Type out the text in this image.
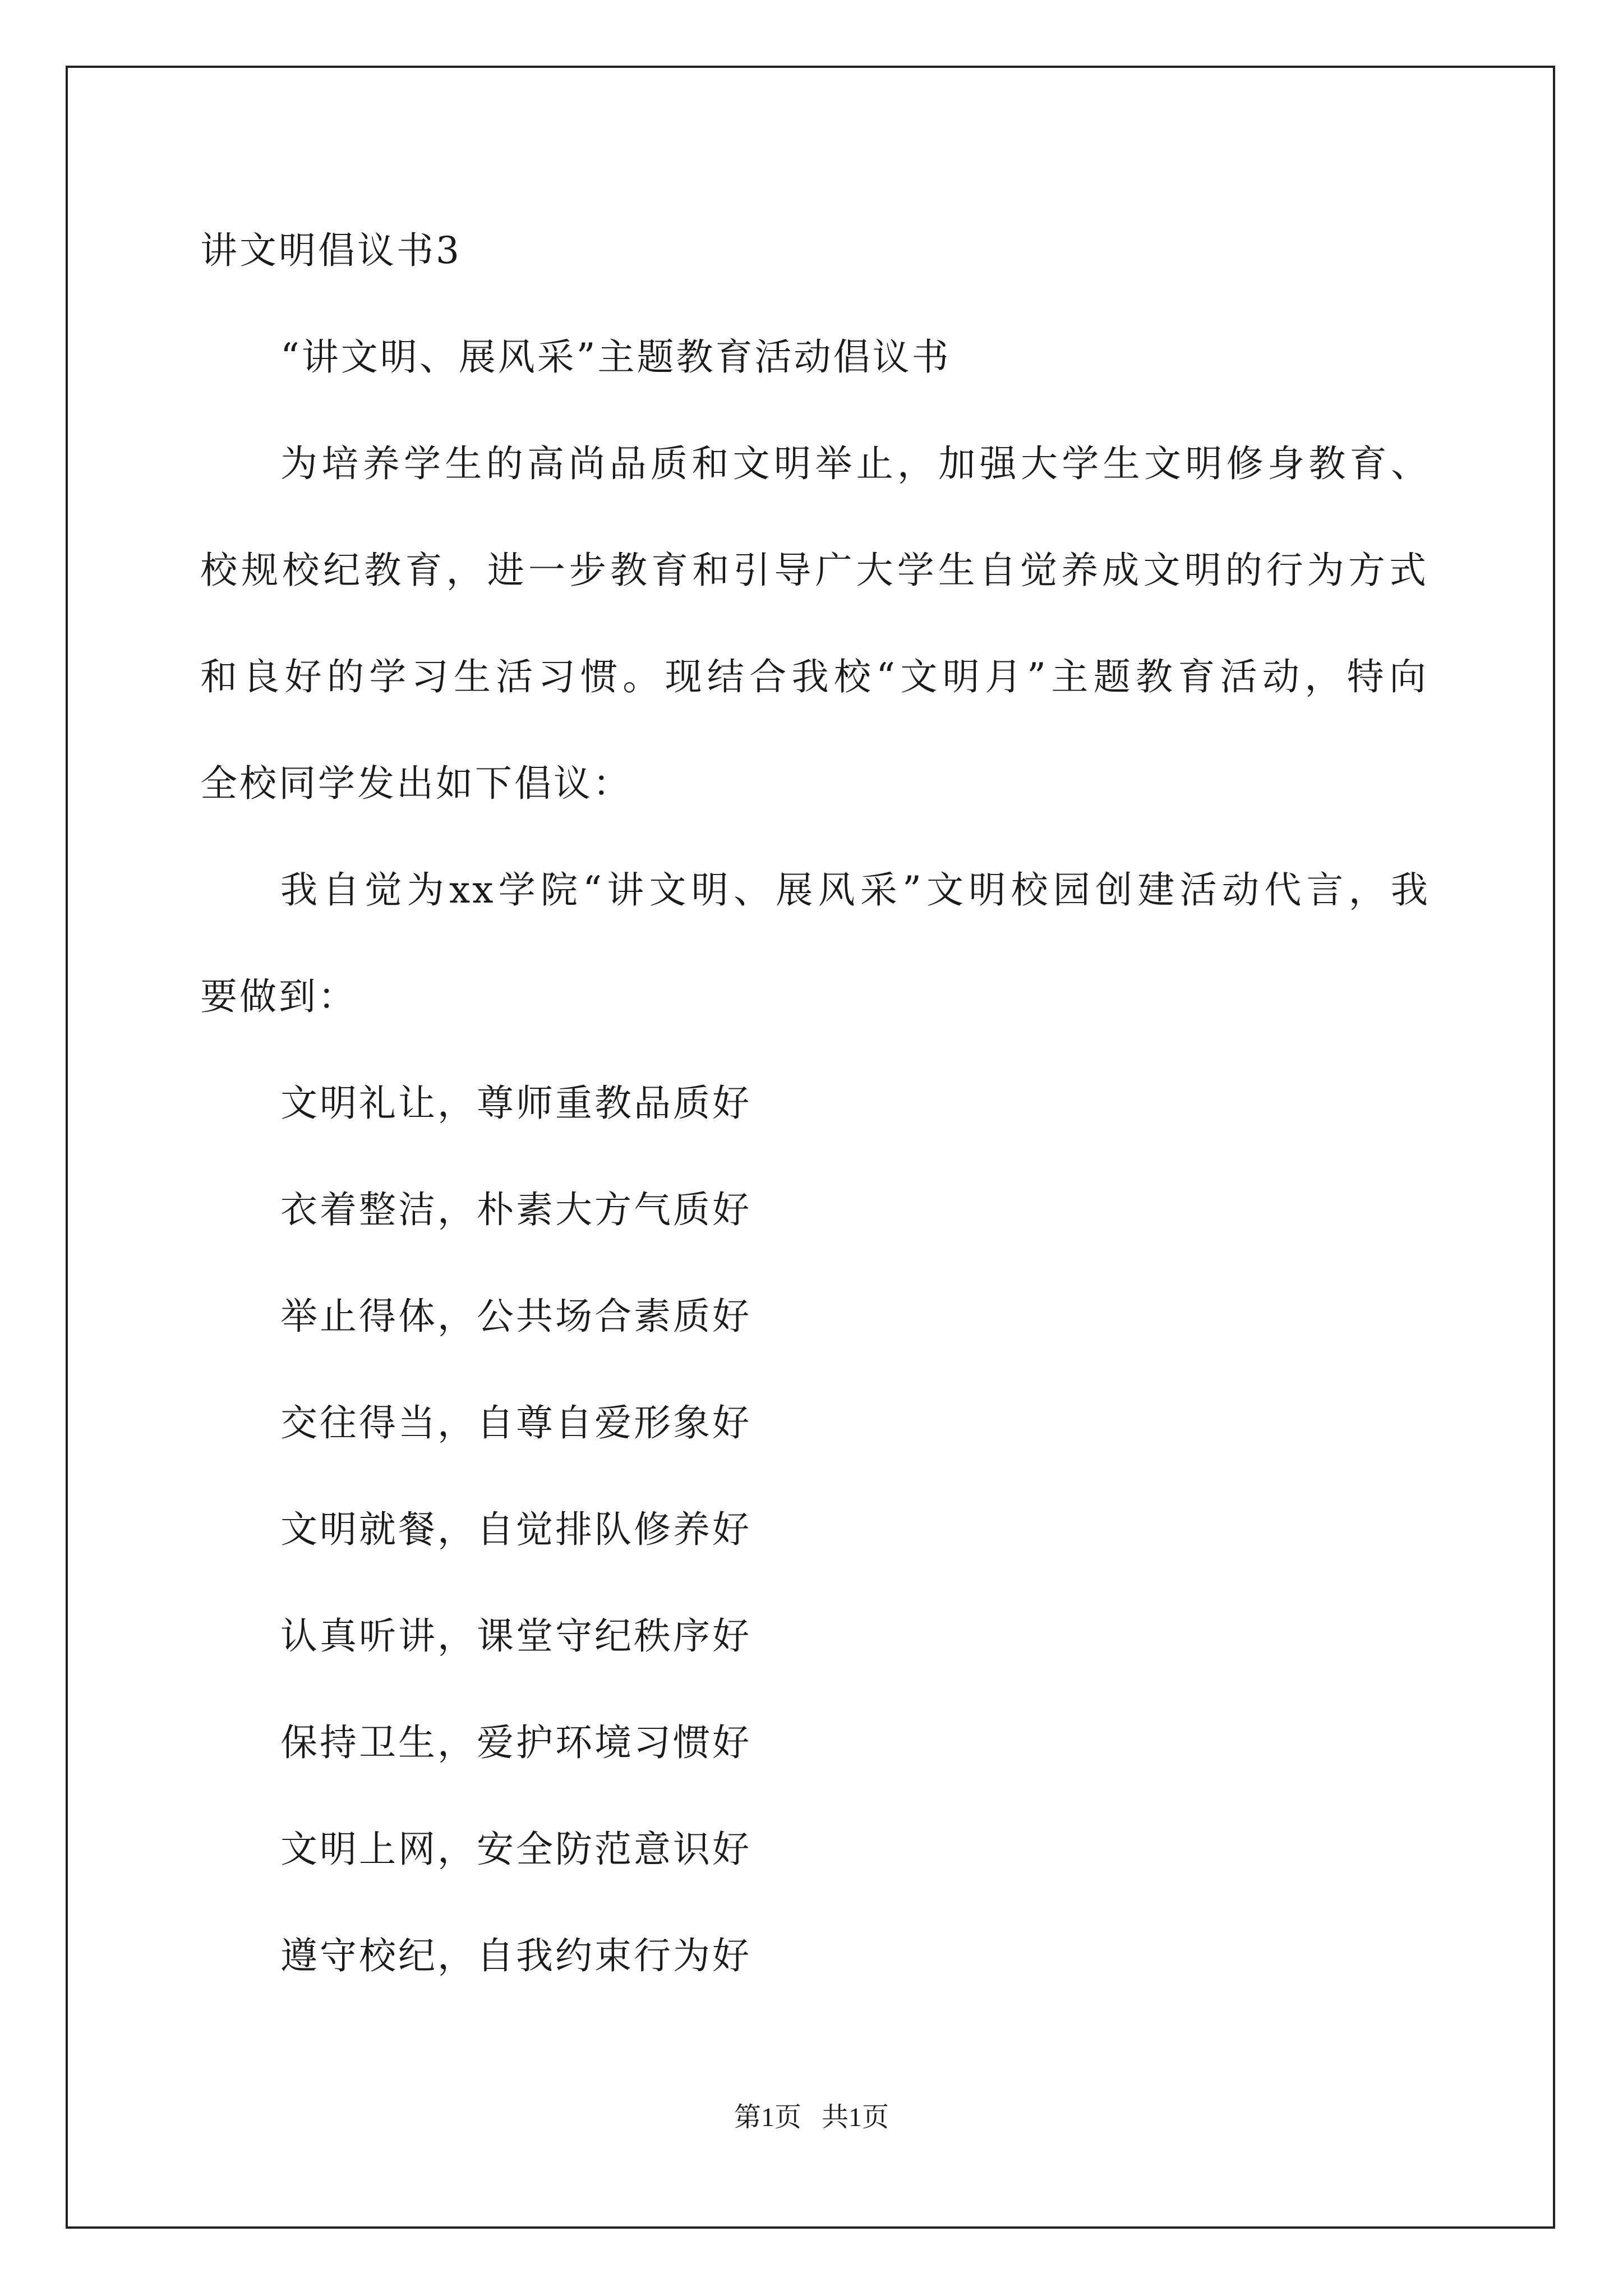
讲文明倡议书3
“讲文明、展风采”主题教育活动倡议书
为培养学生的高尚品质和文明举止，加强大学生文明修身教育、
校规校纪教育，进一步教育和引导广大学生自觉养成文明的行为方式
和良好的学习生活习惯。现结合我校“文明月”主题教育活动，特向
全校同学发出如下倡议：
我自觉为xx学院“讲文明、展风采”文明校园创建活动代言，我
要做到：
文明礼让，尊师重教品质好
衣着整洁，朴素大方气质好
举止得体，公共场合素质好
交往得当，自尊自爱形象好
文明就餐，自觉排队修养好
认真听讲，课堂守纪秩序好
保持卫生，爱护环境习惯好
文明上网，安全防范意识好
遵守校纪，自我约束行为好
第1页   共1页
